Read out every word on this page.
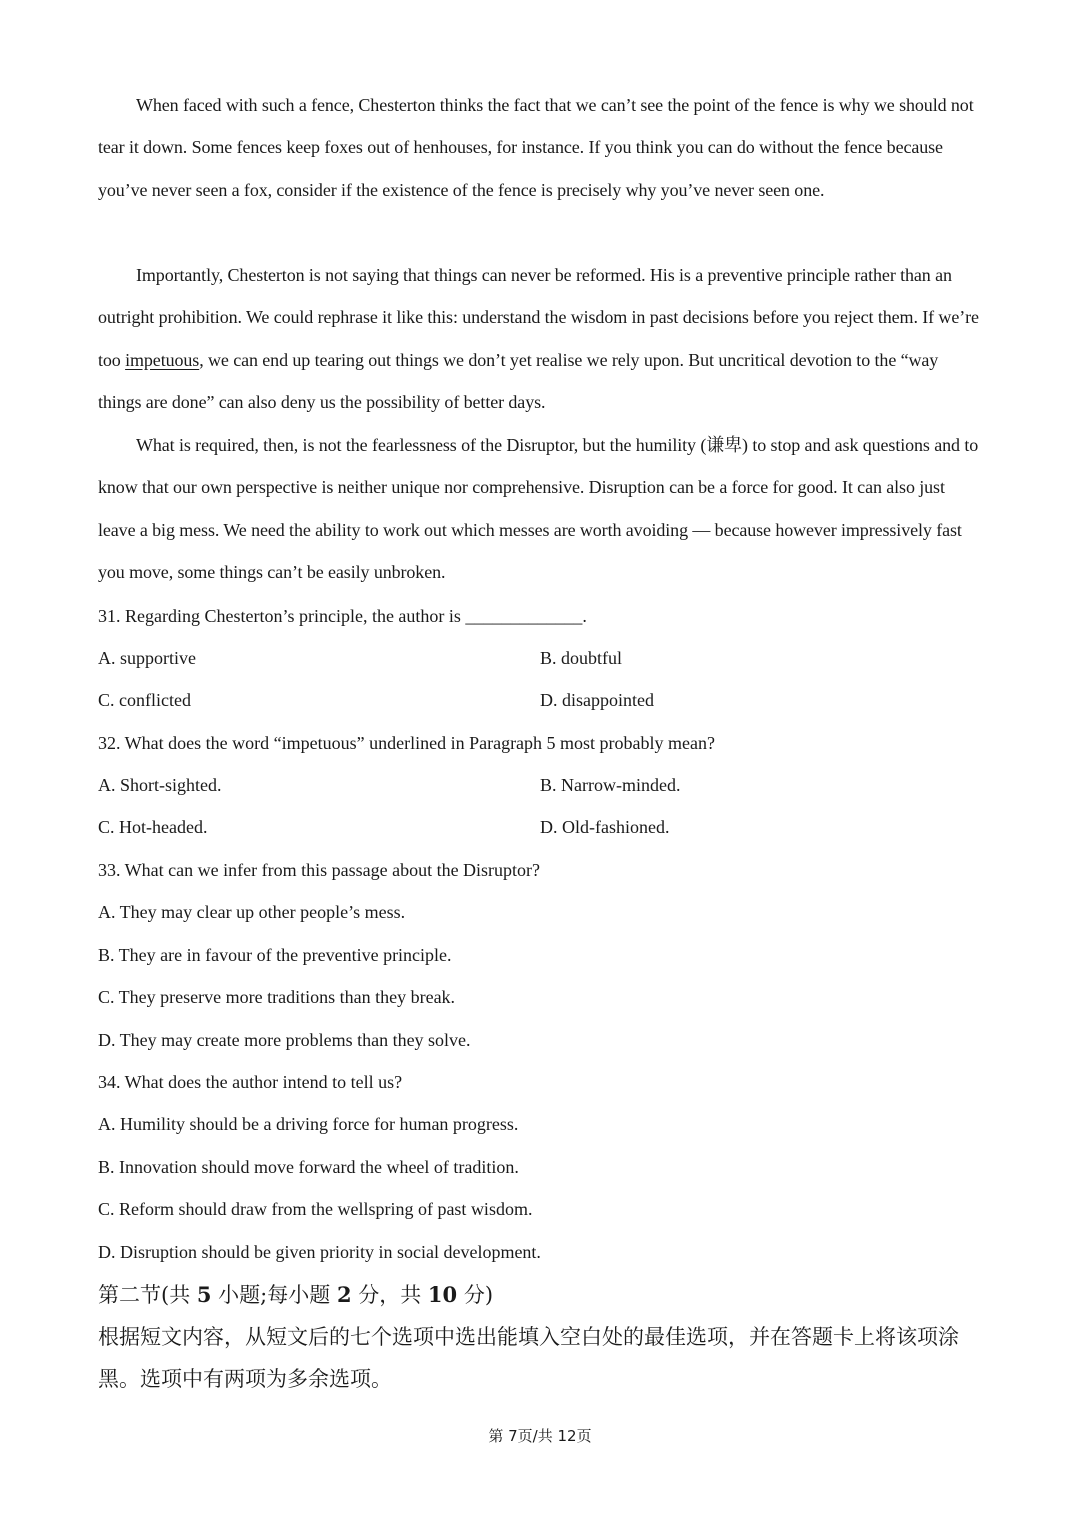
When faced with such a fence, Chesterton thinks the fact that we can’t see the point of the fence is why we should not tear it down. Some fences keep foxes out of henhouses, for instance. If you think you can do without the fence because you’ve never seen a fox, consider if the existence of the fence is precisely why you’ve never seen one.

Importantly, Chesterton is not saying that things can never be reformed. His is a preventive principle rather than an outright prohibition. We could rephrase it like this: understand the wisdom in past decisions before you reject them. If we’re too impetuous, we can end up tearing out things we don’t yet realise we rely upon. But uncritical devotion to the “way things are done” can also deny us the possibility of better days.

What is required, then, is not the fearlessness of the Disruptor, but the humility (谦卑) to stop and ask questions and to know that our own perspective is neither unique nor comprehensive. Disruption can be a force for good. It can also just leave a big mess. We need the ability to work out which messes are worth avoiding — because however impressively fast you move, some things can’t be easily unbroken.

31. Regarding Chesterton’s principle, the author is _____________.

A. supportive	B. doubtful

C. conflicted	D. disappointed

32. What does the word “impetuous” underlined in Paragraph 5 most probably mean?

A. Short-sighted.	B. Narrow-minded.

C. Hot-headed.	D. Old-fashioned.

33. What can we infer from this passage about the Disruptor?

A. They may clear up other people’s mess.

B. They are in favour of the preventive principle.

C. They preserve more traditions than they break.

D. They may create more problems than they solve.

34. What does the author intend to tell us?

A. Humility should be a driving force for human progress.

B. Innovation should move forward the wheel of tradition.

C. Reform should draw from the wellspring of past wisdom.

D. Disruption should be given priority in social development.

第二节(共 5 小题;每小题 2 分，共 10 分)

根据短文内容，从短文后的七个选项中选出能填入空白处的最佳选项，并在答题卡上将该项涂黑。选项中有两项为多余选项。

第 7页/共 12页
